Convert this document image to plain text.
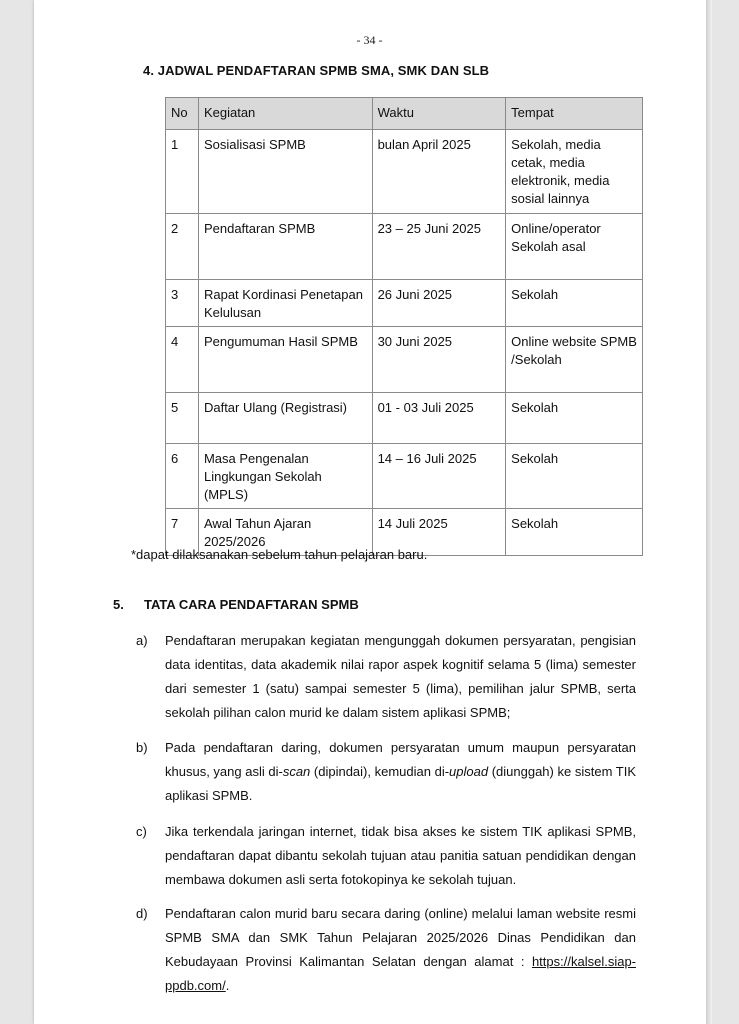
- 34 -
4. JADWAL PENDAFTARAN SPMB SMA, SMK DAN SLB
No	Kegiatan	Waktu	Tempat
1	Sosialisasi SPMB	bulan April 2025	Sekolah, media cetak, media elektronik, media sosial lainnya
2	Pendaftaran SPMB	23 – 25 Juni 2025	Online/operator Sekolah asal
3	Rapat Kordinasi Penetapan Kelulusan	26 Juni 2025	Sekolah
4	Pengumuman Hasil SPMB	30 Juni 2025	Online website SPMB /Sekolah
5	Daftar Ulang (Registrasi)	01 - 03 Juli 2025	Sekolah
6	Masa Pengenalan Lingkungan Sekolah (MPLS)	14 – 16 Juli 2025	Sekolah
7	Awal Tahun Ajaran 2025/2026	14 Juli 2025	Sekolah
*dapat dilaksanakan sebelum tahun pelajaran baru.
5. TATA CARA PENDAFTARAN SPMB
a) Pendaftaran merupakan kegiatan mengunggah dokumen persyaratan, pengisian data identitas, data akademik nilai rapor aspek kognitif selama 5 (lima) semester dari semester 1 (satu) sampai semester 5 (lima), pemilihan jalur SPMB, serta sekolah pilihan calon murid ke dalam sistem aplikasi SPMB;
b) Pada pendaftaran daring, dokumen persyaratan umum maupun persyaratan khusus, yang asli di-scan (dipindai), kemudian di-upload (diunggah) ke sistem TIK aplikasi SPMB.
c) Jika terkendala jaringan internet, tidak bisa akses ke sistem TIK aplikasi SPMB, pendaftaran dapat dibantu sekolah tujuan atau panitia satuan pendidikan dengan membawa dokumen asli serta fotokopinya ke sekolah tujuan.
d) Pendaftaran calon murid baru secara daring (online) melalui laman website resmi SPMB SMA dan SMK Tahun Pelajaran 2025/2026 Dinas Pendidikan dan Kebudayaan Provinsi Kalimantan Selatan dengan alamat : https://kalsel.siap-ppdb.com/.
